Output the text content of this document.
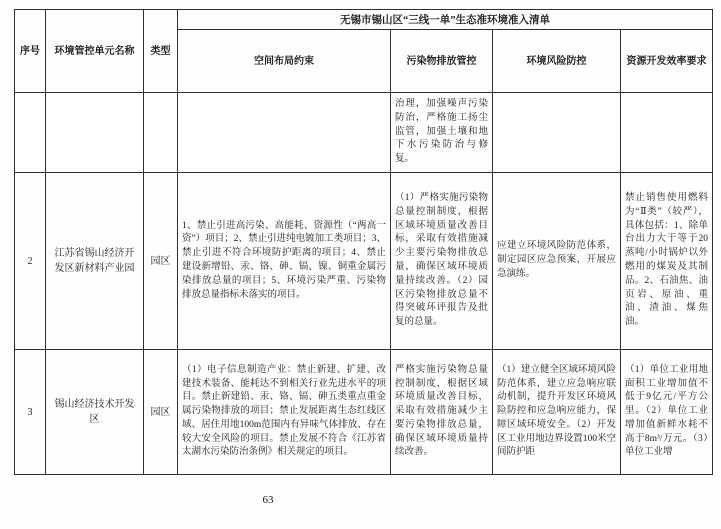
序号	环境管控单元名称	类型	无锡市锡山区“三线一单”生态准环境准入清单			
			空间布局约束	污染物排放管控	环境风险防控	资源开发效率要求
				治理，加强噪声污染防治，严格施工扬尘监管，加强土壤和地下水污染防治与修复。		
2	江苏省锡山经济开发区新材料产业园	园区	1、禁止引进高污染、高能耗、资源性（“两高一资”）项目；2、禁止引进纯电镀加工类项目；3、禁止引进不符合环境防护距离的项目；4、禁止建设新增铅、汞、铬、砷、镉、镍、铜重金属污染排放总量的项目；5、环境污染严重、污染物排放总量指标未落实的项目。	（1）严格实施污染物总量控制制度，根据区域环境质量改善目标，采取有效措施减少主要污染物排放总量，确保区域环境质量持续改善。（2）园区污染物排放总量不得突破环评报告及批复的总量。	应建立环境风险防范体系，制定园区应急预案，开展应急演练。	禁止销售使用燃料为“Ⅱ类”（较严），具体包括：1、除单台出力大于等于20蒸吨/小时锅炉以外燃用的煤炭及其制品。2、石油焦、油页岩、原油、重油、渣油、煤焦油。
3	锡山经济技术开发区	园区	（1）电子信息制造产业：禁止新建、扩建、改建技术装备、能耗达不到相关行业先进水平的项目。禁止新建铅、汞、铬、镉、砷五类重点重金属污染物排放的项目；禁止发展距离生态红线区域、居住用地100m范围内有异味气体排放、存在较大安全风险的项目。禁止发展不符合《江苏省太湖水污染防治条例》相关规定的项目。	严格实施污染物总量控制制度，根据区域环境质量改善目标，采取有效措施减少主要污染物排放总量，确保区域环境质量持续改善。	（1）建立健全区域环境风险防范体系，建立应急响应联动机制，提升开发区环境风险防控和应急响应能力，保障区域环境安全。（2）开发区工业用地边界设置100米空间防护距	（1）单位工业用地面积工业增加值不低于9亿元/平方公里。（2）单位工业增加值新鲜水耗不高于8m³/万元。（3）单位工业增
63
